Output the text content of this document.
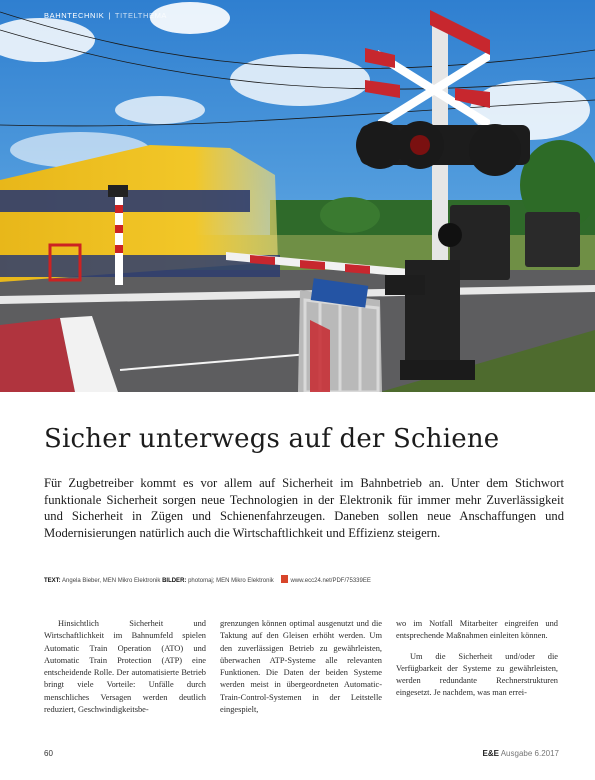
BAHNTECHNIK | TITELTHEMA
Sicher unterwegs auf der Schiene

Für Zugbetreiber kommt es vor allem auf Sicherheit im Bahnbetrieb an. Unter dem Stichwort funktionale Sicherheit sorgen neue Technologien in der Elektronik für immer mehr Zuverlässigkeit und Sicherheit in Zügen und Schienenfahrzeugen. Daneben sollen neue Anschaffungen und Modernisierungen natürlich auch die Wirtschaftlichkeit und Effizienz steigern.

TEXT: Angela Bieber, MEN Mikro Elektronik BILDER: photomaj; MEN Mikro Elektronik	www.ecc24.net/PDF/75339EE

Hinsichtlich Sicherheit und Wirtschaftlichkeit im Bahnumfeld spielen Automatic Train Operation (ATO) und Automatic Train Protection (ATP) eine entscheidende Rolle. Der automatisierte Betrieb bringt viele Vorteile: Unfälle durch menschliches Versagen werden deutlich reduziert, Geschwindigkeitsbe-

grenzungen können optimal ausgenutzt und die Taktung auf den Gleisen erhöht werden. Um den zuverlässigen Betrieb zu gewährleisten, überwachen ATP-Systeme alle relevanten Funktionen. Die Daten der beiden Systeme werden meist in übergeordneten Automatic-Train-Control-Systemen in der Leitstelle eingespielt,

wo im Notfall Mitarbeiter eingreifen und entsprechende Maßnahmen einleiten können.

Um die Sicherheit und/oder die Verfügbarkeit der Systeme zu gewährleisten, werden redundante Rechnerstrukturen eingesetzt. Je nachdem, was man errei-

60	E&E Ausgabe 6.2017
